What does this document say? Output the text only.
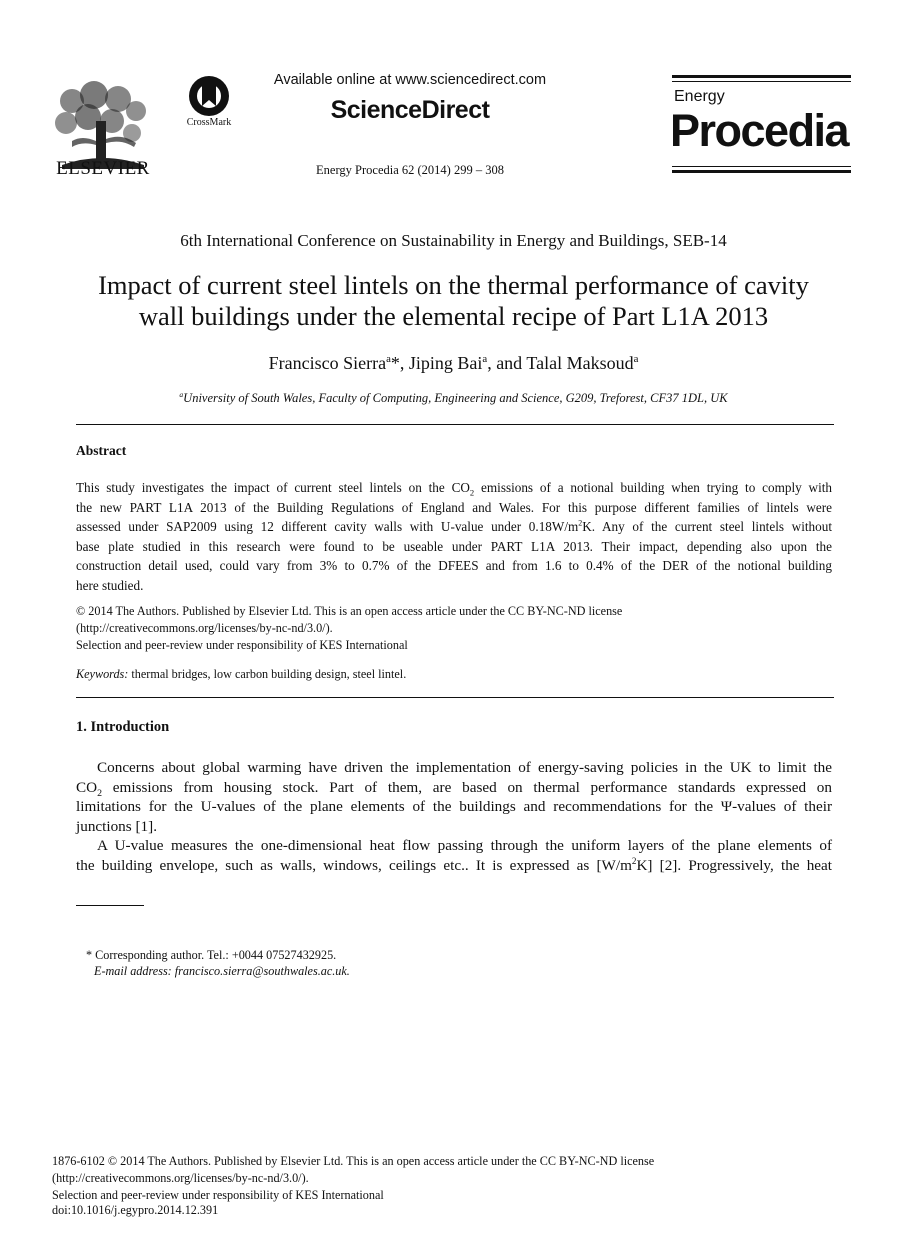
ELSEVIER
CrossMark
Available online at www.sciencedirect.com
ScienceDirect
Energy Procedia 62 (2014) 299 – 308
Energy
Procedia
6th International Conference on Sustainability in Energy and Buildings, SEB-14
Impact of current steel lintels on the thermal performance of cavity
wall buildings under the elemental recipe of Part L1A 2013
Francisco Sierra$^a$*, Jiping Bai$^a$, and Talal Maksoud$^a$
$^a$University of South Wales, Faculty of Computing, Engineering and Science, G209, Treforest, CF37 1DL, UK
Abstract
This study investigates the impact of current steel lintels on the $CO_2$ emissions of a notional building when trying to comply with
the new PART L1A 2013 of the Building Regulations of England and Wales. For this purpose different families of lintels were
assessed under SAP2009 using 12 different cavity walls with U-value under $0.18W/m^2K$. Any of the current steel lintels without
base plate studied in this research were found to be useable under PART L1A 2013. Their impact, depending also upon the
construction detail used, could vary from 3% to 0.7% of the DFEES and from 1.6 to 0.4% of the DER of the notional building
here studied.
© 2014 The Authors. Published by Elsevier Ltd. This is an open access article under the CC BY-NC-ND license
(http://creativecommons.org/licenses/by-nc-nd/3.0/).
Selection and peer-review under responsibility of KES International
Keywords: thermal bridges, low carbon building design, steel lintel.
1. Introduction
Concerns about global warming have driven the implementation of energy-saving policies in the UK to limit the
$CO_2$ emissions from housing stock. Part of them, are based on thermal performance standards expressed on
limitations for the U-values of the plane elements of the buildings and recommendations for the Ψ-values of their
junctions [1].
A U-value measures the one-dimensional heat flow passing through the uniform layers of the plane elements of
the building envelope, such as walls, windows, ceilings etc.. It is expressed as $[W/m^2K]$ [2]. Progressively, the heat
* Corresponding author. Tel.: +0044 07527432925.
E-mail address: francisco.sierra@southwales.ac.uk.
1876-6102 © 2014 The Authors. Published by Elsevier Ltd. This is an open access article under the CC BY-NC-ND license
(http://creativecommons.org/licenses/by-nc-nd/3.0/).
Selection and peer-review under responsibility of KES International
doi:10.1016/j.egypro.2014.12.391
